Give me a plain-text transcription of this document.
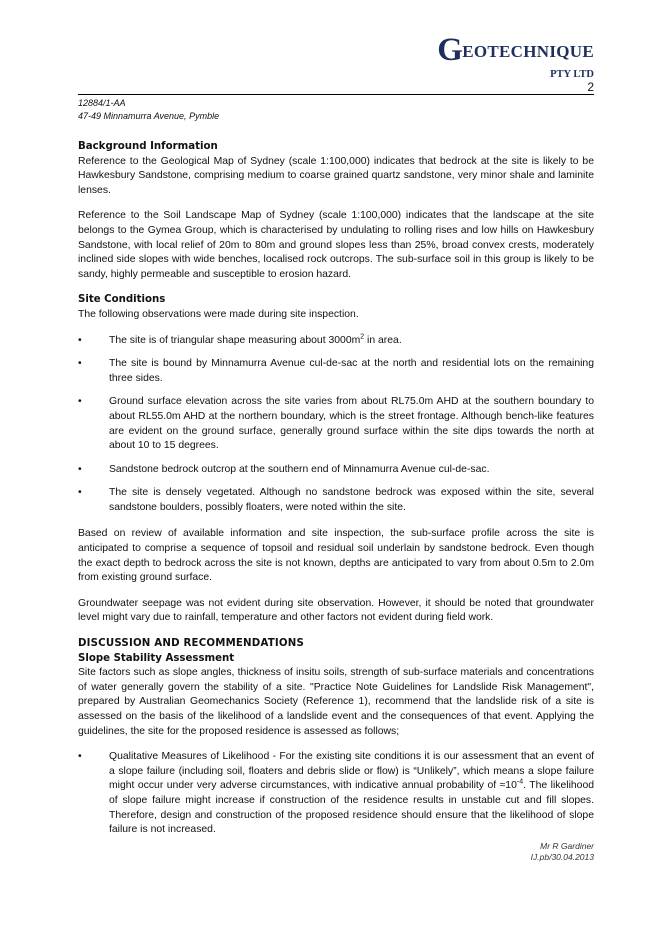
GEOTECHNIQUE
PTY LTD
2
12884/1-AA
47-49 Minnamurra Avenue, Pymble
Background Information

Reference to the Geological Map of Sydney (scale 1:100,000) indicates that bedrock at the site is likely to be Hawkesbury Sandstone, comprising medium to coarse grained quartz sandstone, very minor shale and laminite lenses.

Reference to the Soil Landscape Map of Sydney (scale 1:100,000) indicates that the landscape at the site belongs to the Gymea Group, which is characterised by undulating to rolling rises and low hills on Hawkesbury Sandstone, with local relief of 20m to 80m and ground slopes less than 25%, broad convex crests, moderately inclined side slopes with wide benches, localised rock outcrops. The sub-surface soil in this group is likely to be sandy, highly permeable and susceptible to erosion hazard.

Site Conditions

The following observations were made during site inspection.

•	The site is of triangular shape measuring about $3000m^2$ in area.
•	The site is bound by Minnamurra Avenue cul-de-sac at the north and residential lots on the remaining three sides.
•	Ground surface elevation across the site varies from about RL75.0m AHD at the southern boundary to about RL55.0m AHD at the northern boundary, which is the street frontage. Although bench-like features are evident on the ground surface, generally ground surface within the site dips towards the north at about 10 to 15 degrees.
•	Sandstone bedrock outcrop at the southern end of Minnamurra Avenue cul-de-sac.
•	The site is densely vegetated. Although no sandstone bedrock was exposed within the site, several sandstone boulders, possibly floaters, were noted within the site.

Based on review of available information and site inspection, the sub-surface profile across the site is anticipated to comprise a sequence of topsoil and residual soil underlain by sandstone bedrock. Even though the exact depth to bedrock across the site is not known, depths are anticipated to vary from about 0.5m to 2.0m from existing ground surface.

Groundwater seepage was not evident during site observation. However, it should be noted that groundwater level might vary due to rainfall, temperature and other factors not evident during field work.

DISCUSSION AND RECOMMENDATIONS
Slope Stability Assessment

Site factors such as slope angles, thickness of insitu soils, strength of sub-surface materials and concentrations of water generally govern the stability of a site. "Practice Note Guidelines for Landslide Risk Management", prepared by Australian Geomechanics Society (Reference 1), recommend that the landslide risk of a site is assessed on the basis of the likelihood of a landslide event and the consequences of that event. Applying the guidelines, the site for the proposed residence is assessed as follows;

•	Qualitative Measures of Likelihood - For the existing site conditions it is our assessment that an event of a slope failure (including soil, floaters and debris slide or flow) is “Unlikely”, which means a slope failure might occur under very adverse circumstances, with indicative annual probability of $\approx 10^{-4}$. The likelihood of slope failure might increase if construction of the residence results in unstable cut and fill slopes. Therefore, design and construction of the proposed residence should ensure that the likelihood of slope failure is not increased.
Mr R Gardiner
IJ.pb/30.04.2013
